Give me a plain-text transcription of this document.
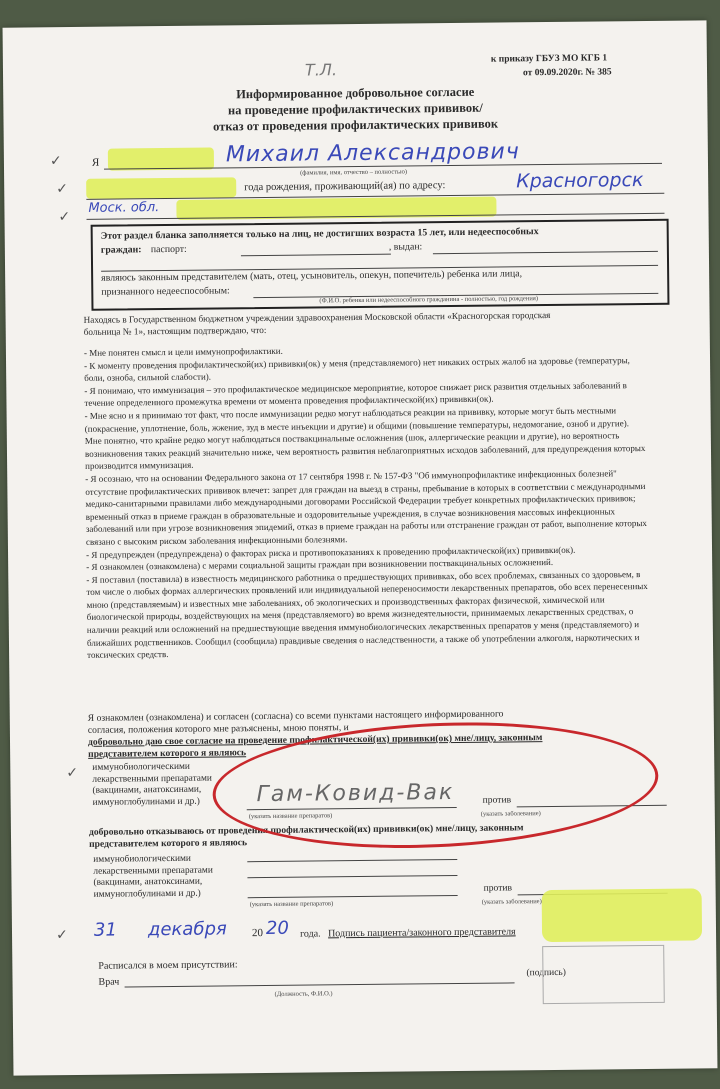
к приказу ГБУЗ МО КГБ 1
от 09.09.2020г. № 385
Т.Л.
Информированное добровольное согласие
на проведение профилактических прививок/
отказ от проведения профилактических прививок
✓
✓
✓
Я	Михаил Александрович
(фамилия, имя, отчество – полностью)
года рождения, проживающий(ая) по адресу:	Красногорск
Моск. обл.
Этот раздел бланка заполняется только на лиц, не достигших возраста 15 лет, или недееспособных
граждан: паспорт:	, выдан:
являюсь законным представителем (мать, отец, усыновитель, опекун, попечитель) ребенка или лица,
признанного недееспособным:
(Ф.И.О. ребенка или недееспособного гражданина - полностью, год рождения)
Находясь в Государственном бюджетном учреждении здравоохранения Московской области «Красногорская городская
больница № 1», настоящим подтверждаю, что:
- Мне понятен смысл и цели иммунопрофилактики.
- К моменту проведения профилактической(их) прививки(ок) у меня (представляемого) нет никаких острых жалоб на здоровье (температуры, боли, озноба, сильной слабости).
- Я понимаю, что иммунизация – это профилактическое медицинское мероприятие, которое снижает риск развития отдельных заболеваний в течение определенного промежутка времени от момента проведения профилактической(их) прививки(ок).
- Мне ясно и я принимаю тот факт, что после иммунизации редко могут наблюдаться реакции на прививку, которые могут быть местными (покраснение, уплотнение, боль, жжение, зуд в месте инъекции и другие) и общими (повышение температуры, недомогание, озноб и другие). Мне понятно, что крайне редко могут наблюдаться поствакцинальные осложнения (шок, аллергические реакции и другие), но вероятность возникновения таких реакций значительно ниже, чем вероятность развития неблагоприятных исходов заболеваний, для предупреждения которых производится иммунизация.
- Я осознаю, что на основании Федерального закона от 17 сентября 1998 г. № 157-ФЗ "Об иммунопрофилактике инфекционных болезней" отсутствие профилактических прививок влечет: запрет для граждан на выезд в страны, пребывание в которых в соответствии с международными медико-санитарными правилами либо международными договорами Российской Федерации требует конкретных профилактических прививок; временный отказ в приеме граждан в образовательные и оздоровительные учреждения, в случае возникновения массовых инфекционных заболеваний или при угрозе возникновения эпидемий, отказ в приеме граждан на работы или отстранение граждан от работ, выполнение которых связано с высоким риском заболевания инфекционными болезнями.
- Я предупрежден (предупреждена) о факторах риска и противопоказаниях к проведению профилактической(их) прививки(ок).
- Я ознакомлен (ознакомлена) с мерами социальной защиты граждан при возникновении поствакцинальных осложнений.
- Я поставил (поставила) в известность медицинского работника о предшествующих прививках, обо всех проблемах, связанных со здоровьем, в том числе о любых формах аллергических проявлений или индивидуальной непереносимости лекарственных препаратов, обо всех перенесенных мною (представляемым) и известных мне заболеваниях, об экологических и производственных факторах физической, химической или биологической природы, воздействующих на меня (представляемого) во время жизнедеятельности, принимаемых лекарственных средствах, о наличии реакций или осложнений на предшествующие введения иммунобиологических лекарственных препаратов у меня (представляемого) и ближайших родственников. Сообщил (сообщила) правдивые сведения о наследственности, а также об употреблении алкоголя, наркотических и токсических средств.
Я ознакомлен (ознакомлена) и согласен (согласна) со всеми пунктами настоящего информированного
согласия, положения которого мне разъяснены, мною поняты, и
добровольно даю свое согласие на проведение профилактической(их) прививки(ок) мне/лицу, законным
представителем которого я являюсь
✓ иммунобиологическими
лекарственными препаратами
(вакцинами, анатоксинами,
иммуноглобулинами и др.)	Гам-Ковид-Вак	против
(указать название препаратов)	(указать заболевание)
добровольно отказываюсь от проведения профилактической(их) прививки(ок) мне/лицу, законным
представителем которого я являюсь
иммунобиологическими
лекарственными препаратами
(вакцинами, анатоксинами,
иммуноглобулинами и др.)
против
(указать название препаратов)	(указать заболевание)
✓ 31 декабря 20 20 года. Подпись пациента/законного представителя
Расписался в моем присутствии:
Врач
(подпись)
(Должность, Ф.И.О.)
